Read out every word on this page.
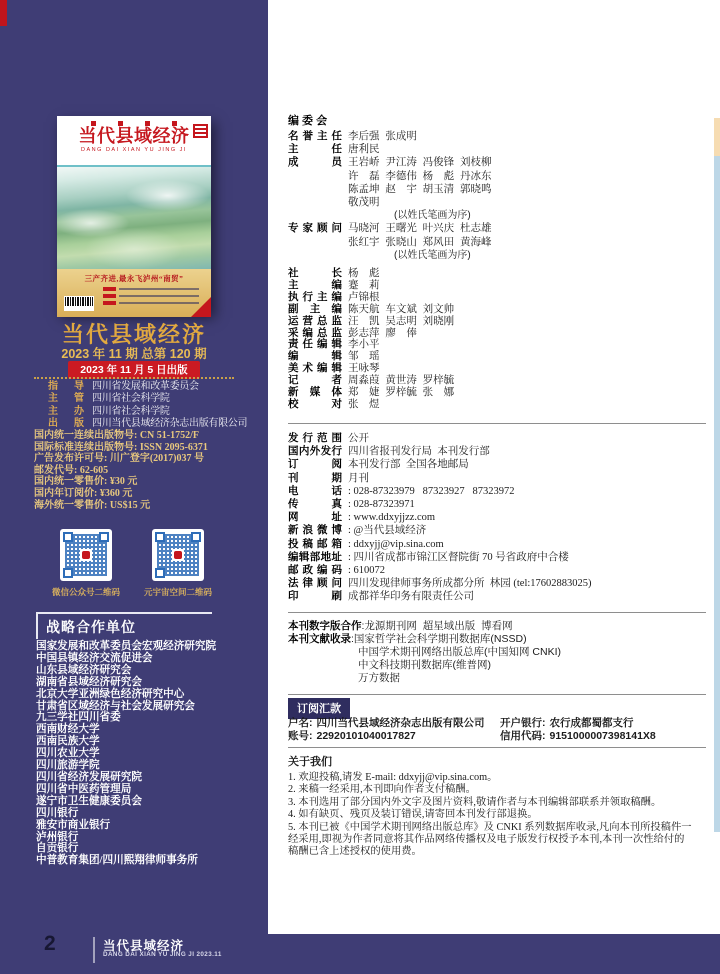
当代县域经济
DANG DAI XIAN YU JING JI
三产齐进,最永飞泸州“南贸”
当代县域经济
2023 年 11 期 总第 120 期
2023 年 11 月 5 日出版
指导 四川省发展和改革委员会
主管 四川省社会科学院
主办 四川省社会科学院
出版 四川当代县域经济杂志出版有限公司
国内统一连续出版物号: CN 51-1752/F
国际标准连续出版物号: ISSN 2095-6371
广告发布许可号: 川广登字(2017)037 号
邮发代号: 62-605
国内统一零售价: ¥30 元
国内年订阅价: ¥360 元
海外统一零售价: US$15 元
微信公众号二维码	元宇宙空间二维码
战略合作单位
国家发展和改革委员会宏观经济研究院
中国县镇经济交流促进会
山东县域经济研究会
湖南省县域经济研究会
北京大学亚洲绿色经济研究中心
甘肃省区域经济与社会发展研究会
九三学社四川省委
西南财经大学
西南民族大学
四川农业大学
四川旅游学院
四川省经济发展研究院
四川省中医药管理局
遂宁市卫生健康委员会
四川银行
雅安市商业银行
泸州银行
自贡银行
中普教育集团/四川熙翔律师事务所
2	当代县域经济
DANG DAI XIAN YU JING JI 2023.11
编 委 会
名誉主任 李后强  张成明
主任 唐利民
成员 王岩峤  尹江涛  冯俊锋  刘枝柳
许　磊  李德伟  杨　彪  丹冰东
陈孟坤  赵　宇  胡玉清  郭晓鸣
敬茂明
(以姓氏笔画为序)
专家顾问 马晓河  王曙光  叶兴庆  杜志雄
张红宇  张晓山  郑风田  黄海峰
(以姓氏笔画为序)
社长 杨　彪
主编 蹇　莉
执行主编 卢锦根
副主编 陈天航  车文斌  刘文帅
运营总监 汪　凯  吴志明  刘晓刚
采编总监 彭志萍  廖　俸
责任编辑 李小平
编辑 邹　瑶
美术编辑 王咏琴
记者 周淼葭  黄世涛  罗梓毓
新媒体 郑　婕  罗梓毓  张　娜
校对 张　煜
发行范围 公开
国内外发行 四川省报刊发行局  本刊发行部
订阅 本刊发行部  全国各地邮局
刊期 月刊
电话 : 028-87323979   87323927   87323972
传真 : 028-87323971
网址 : www.ddxyjjzz.com
新浪微博 : @当代县域经济
投稿邮箱 : ddxyjj@vip.sina.com
编辑部地址 : 四川省成都市锦江区督院街 70 号省政府中合楼
邮政编码 : 610072
法律顾问 四川发现律师事务所成都分所  林园 (tel:17602883025)
印刷 成都祥华印务有限责任公司
本刊数字版合作 :龙源期刊网  超星域出版  博看网
本刊文献收录 :国家哲学社会科学期刊数据库(NSSD)
中国学术期刊网络出版总库(中国知网 CNKI)
中文科技期刊数据库(维普网)
万方数据
订阅汇款
户名: 四川当代县域经济杂志出版有限公司 开户银行: 农行成都蜀都支行
账号: 22920101040017827	信用代码: 9151000007398141X8
关于我们
1. 欢迎投稿,请发 E-mail: ddxyjj@vip.sina.com。
2. 来稿一经采用,本刊即向作者支付稿酬。
3. 本刊选用了部分国内外文字及图片资料,敬请作者与本刊编辑部联系并领取稿酬。
4. 如有缺页、残页及装订错误,请寄回本刊发行部退换。
5. 本刊已被《中国学术期刊网络出版总库》及 CNKI 系列数据库收录,凡向本刊所投稿件一经采用,即视为作者同意将其作品网络传播权及电子版发行权授予本刊,本刊一次性给付的稿酬已含上述授权的使用费。
